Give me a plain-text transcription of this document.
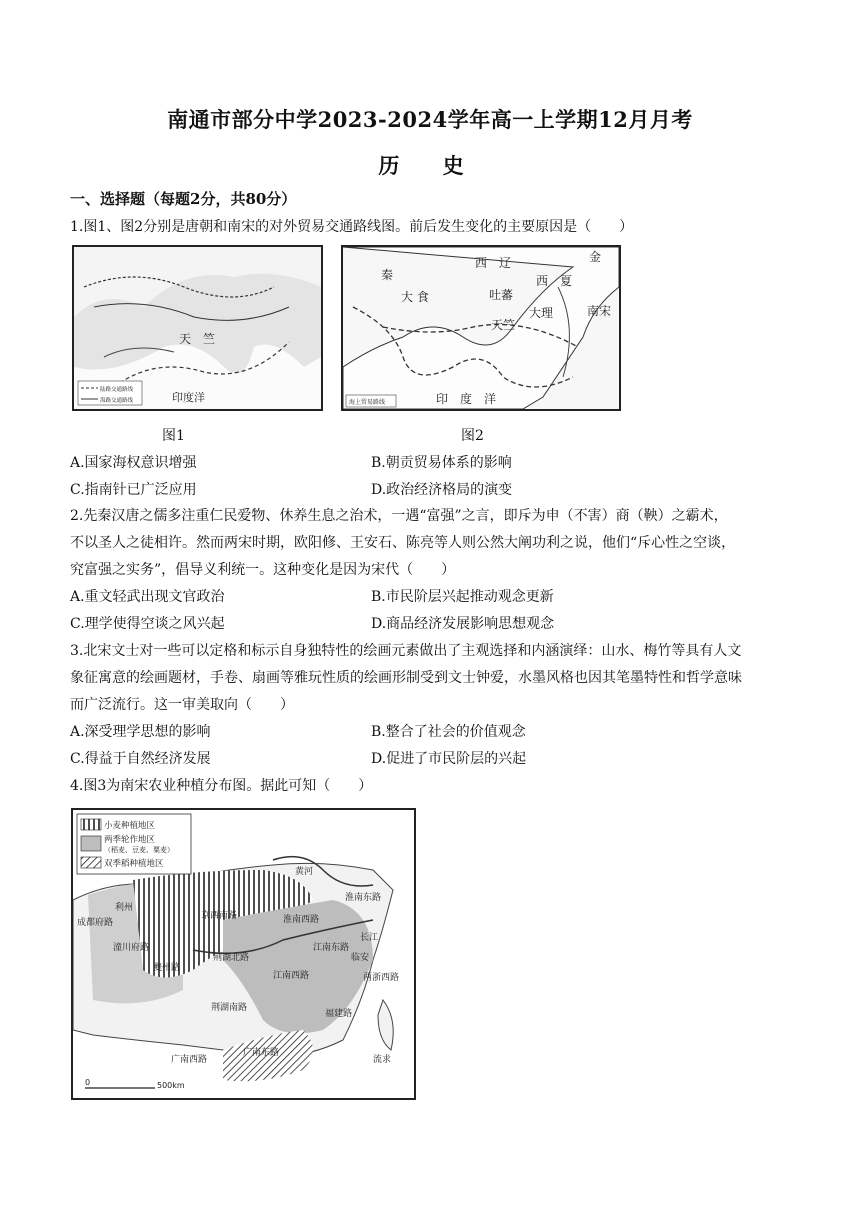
南通市部分中学2023-2024学年高一上学期12月月考
历 史
一、选择题（每题2分，共80分）
1.图1、图2分别是唐朝和南宋的对外贸易交通路线图。前后发生变化的主要原因是（　　）
天　竺
陆路交通路线
海路交通路线	印度洋
图1
秦
西　辽	金
西　夏
大 食	吐蕃
大理	南宋
天竺
印　度　洋
海上贸易路线
图2
A.国家海权意识增强	B.朝贡贸易体系的影响
C.指南针已广泛应用	D.政治经济格局的演变
2.先秦汉唐之儒多注重仁民爱物、休养生息之治术，一遇“富强”之言，即斥为申（不害）商（鞅）之霸术，
不以圣人之徒相许。然而两宋时期，欧阳修、王安石、陈亮等人则公然大阐功利之说，他们“斥心性之空谈，
究富强之实务”，倡导义利统一。这种变化是因为宋代（　　）
A.重文轻武出现文官政治	B.市民阶层兴起推动观念更新
C.理学使得空谈之风兴起	D.商品经济发展影响思想观念
3.北宋文士对一些可以定格和标示自身独特性的绘画元素做出了主观选择和内涵演绎：山水、梅竹等具有人文
象征寓意的绘画题材，手卷、扇画等雅玩性质的绘画形制受到文士钟爱，水墨风格也因其笔墨特性和哲学意味
而广泛流行。这一审美取向（　　）
A.深受理学思想的影响	B.整合了社会的价值观念
C.得益于自然经济发展	D.促进了市民阶层的兴起
4.图3为南宋农业种植分布图。据此可知（　　）
小麦种植地区
两季轮作地区
（稻麦、豆麦、粟麦）
双季稻种植地区
黄河
成都府路
利州
京西南路	淮南西路
淮南东路
长江
潼川府路
夔州路
荆湖北路
江南东路
江南西路	两浙西路
临安
荆湖南路
福建路
广南西路
广南东路
流求
0	500km
